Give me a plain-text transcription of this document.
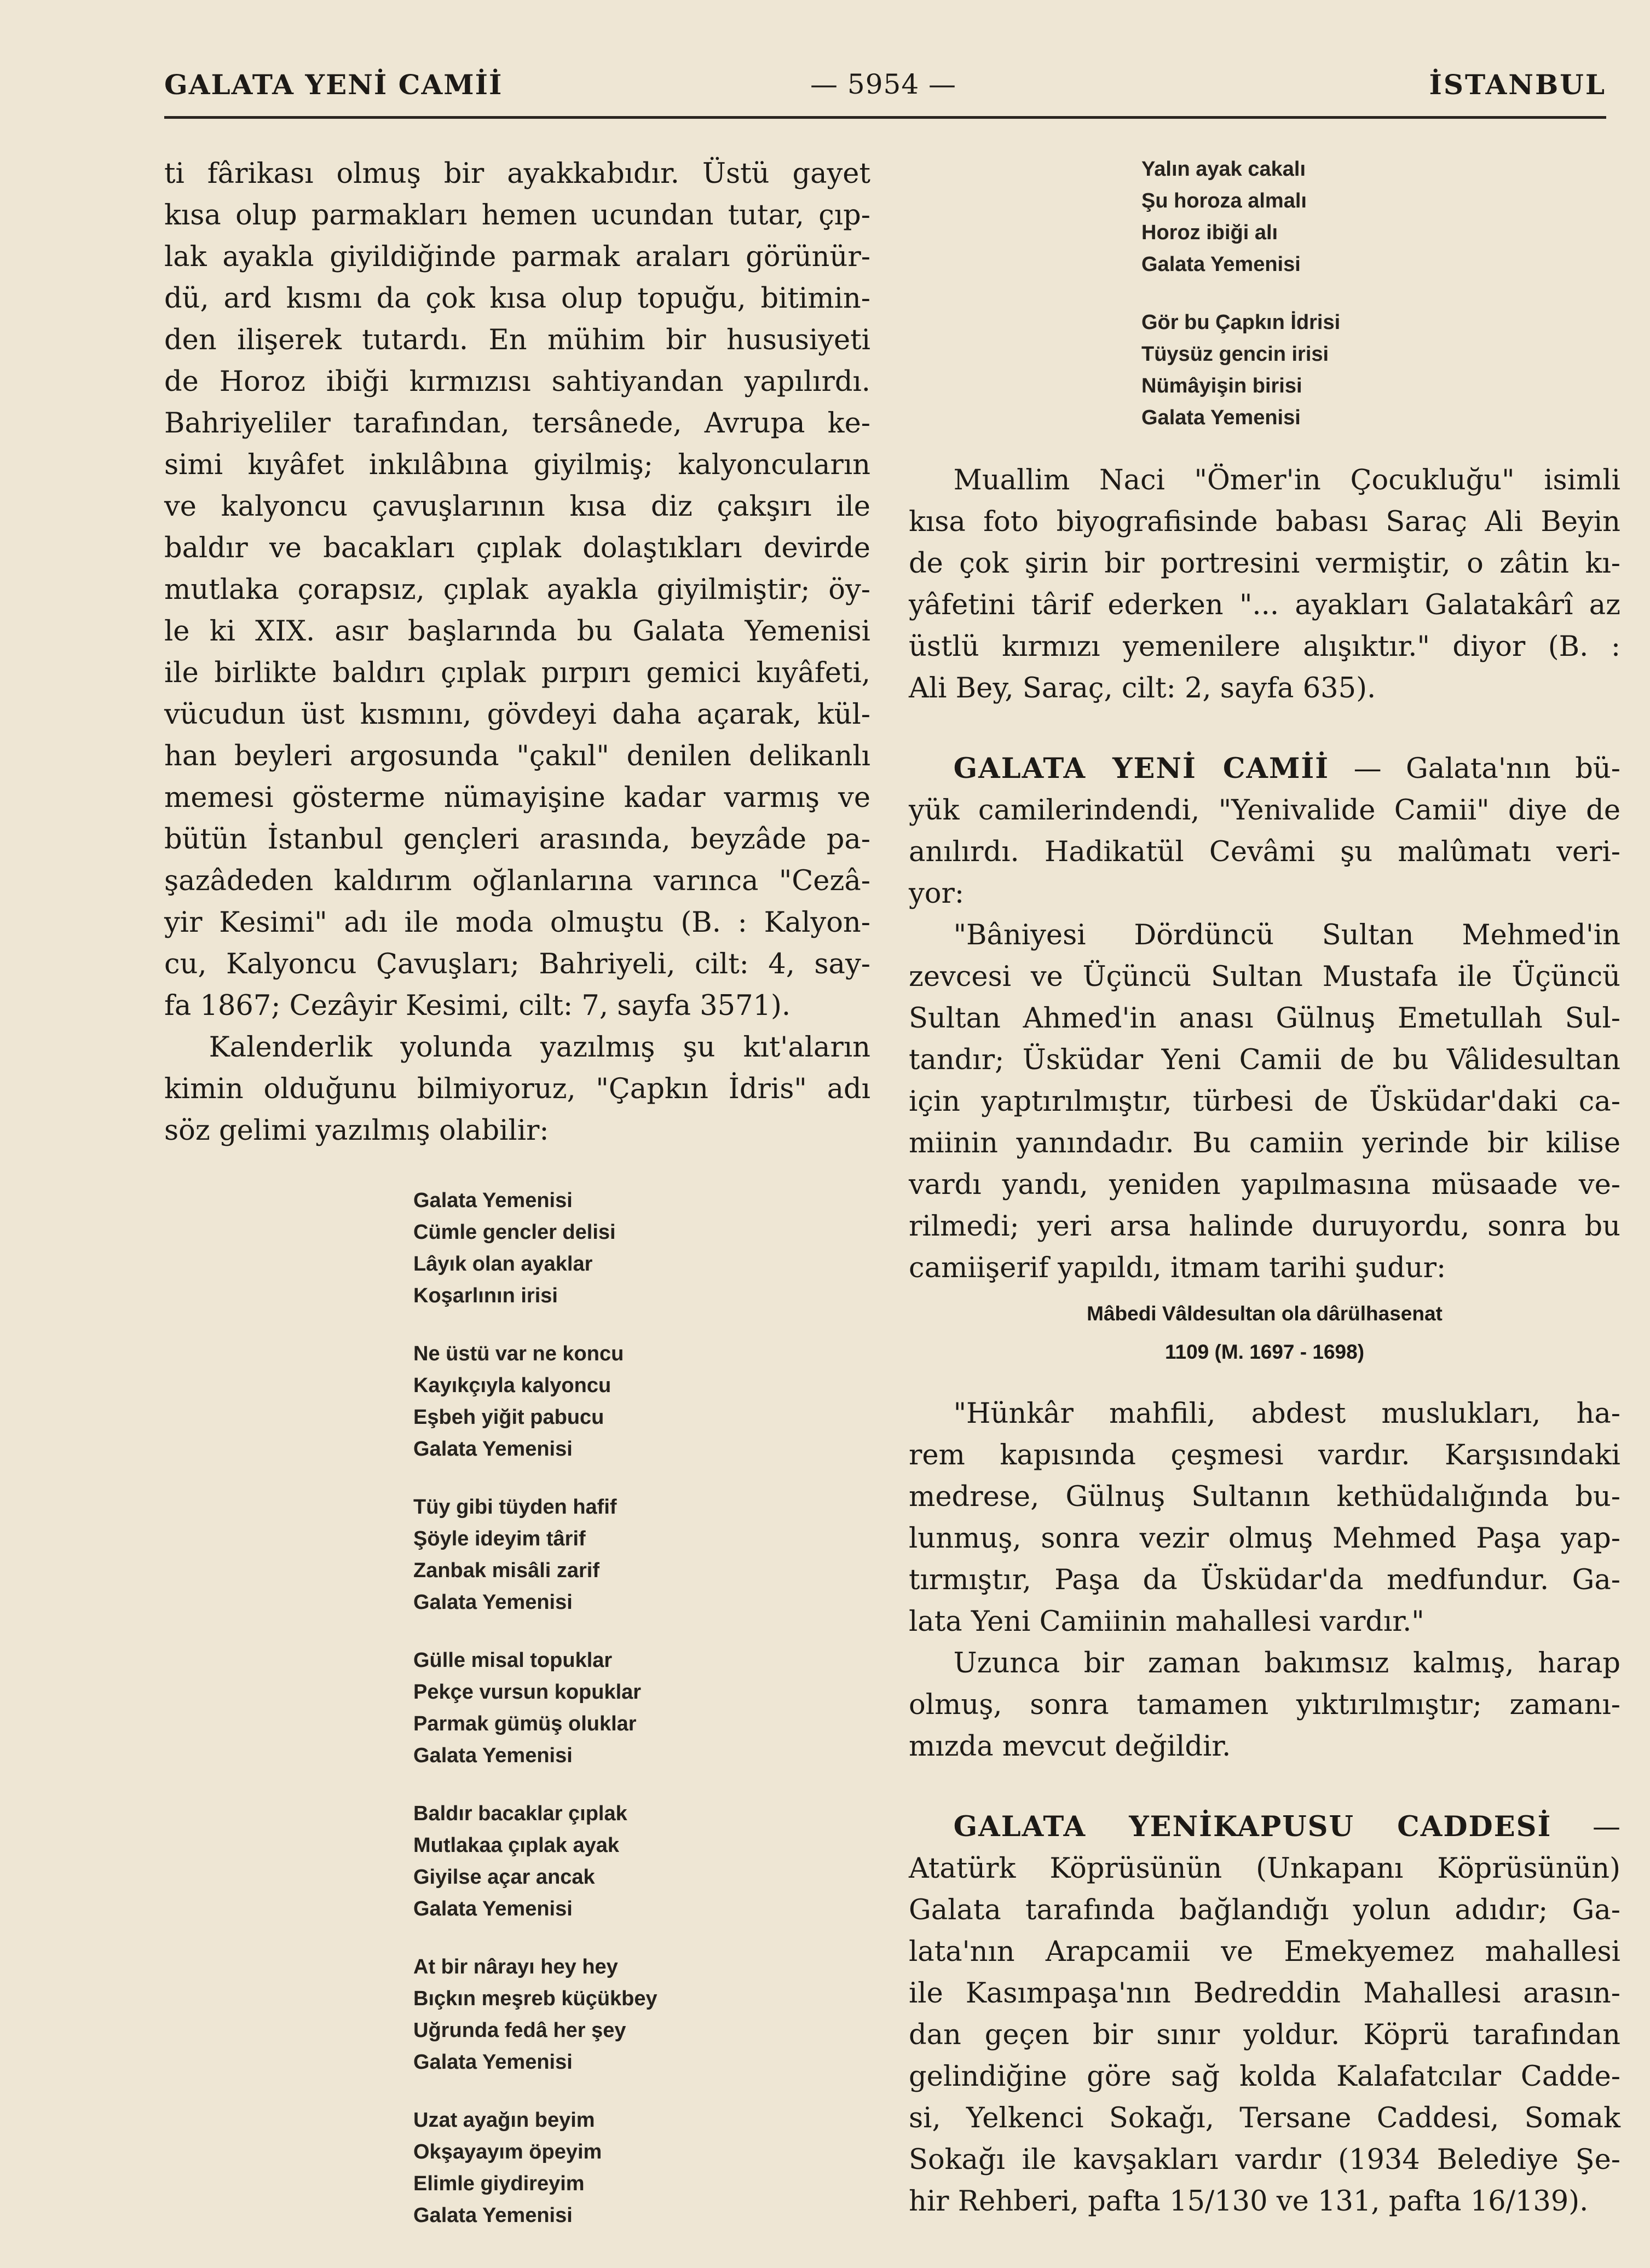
GALATA YENİ CAMİİ	— 5954 —	İSTANBUL
ti fârikası olmuş bir ayakkabıdır. Üstü gayet
kısa olup parmakları hemen ucundan tutar, çıp-
lak ayakla giyildiğinde parmak araları görünür-
dü, ard kısmı da çok kısa olup topuğu, bitimin-
den ilişerek tutardı. En mühim bir hususiyeti
de Horoz ibiği kırmızısı sahtiyandan yapılırdı.
Bahriyeliler tarafından, tersânede, Avrupa ke-
simi kıyâfet inkılâbına giyilmiş; kalyoncuların
ve kalyoncu çavuşlarının kısa diz çakşırı ile
baldır ve bacakları çıplak dolaştıkları devirde
mutlaka çorapsız, çıplak ayakla giyilmiştir; öy-
le ki XIX. asır başlarında bu Galata Yemenisi
ile birlikte baldırı çıplak pırpırı gemici kıyâfeti,
vücudun üst kısmını, gövdeyi daha açarak, kül-
han beyleri argosunda "çakıl" denilen delikanlı
memesi gösterme nümayişine kadar varmış ve
bütün İstanbul gençleri arasında, beyzâde pa-
şazâdeden kaldırım oğlanlarına varınca "Cezâ-
yir Kesimi" adı ile moda olmuştu (B. : Kalyon-
cu, Kalyoncu Çavuşları; Bahriyeli, cilt: 4, say-
fa 1867; Cezâyir Kesimi, cilt: 7, sayfa 3571).
Kalenderlik yolunda yazılmış şu kıt'aların
kimin olduğunu bilmiyoruz, "Çapkın İdris" adı
söz gelimi yazılmış olabilir:
Galata Yemenisi
Cümle gencler delisi
Lâyık olan ayaklar
Koşarlının irisi
Ne üstü var ne koncu
Kayıkçıyla kalyoncu
Eşbeh yiğit pabucu
Galata Yemenisi
Tüy gibi tüyden hafif
Şöyle ideyim târif
Zanbak misâli zarif
Galata Yemenisi
Gülle misal topuklar
Pekçe vursun kopuklar
Parmak gümüş oluklar
Galata Yemenisi
Baldır bacaklar çıplak
Mutlakaa çıplak ayak
Giyilse açar ancak
Galata Yemenisi
At bir nârayı hey hey
Bıçkın meşreb küçükbey
Uğrunda fedâ her şey
Galata Yemenisi
Uzat ayağın beyim
Okşayayım öpeyim
Elimle giydireyim
Galata Yemenisi
Yalın ayak cakalı
Şu horoza almalı
Horoz ibiği alı
Galata Yemenisi
Gör bu Çapkın İdrisi
Tüysüz gencin irisi
Nümâyişin birisi
Galata Yemenisi
Muallim Naci "Ömer'in Çocukluğu" isimli
kısa foto biyografisinde babası Saraç Ali Beyin
de çok şirin bir portresini vermiştir, o zâtin kı-
yâfetini târif ederken "... ayakları Galatakârî az
üstlü kırmızı yemenilere alışıktır." diyor (B. :
Ali Bey, Saraç, cilt: 2, sayfa 635).
GALATA YENİ CAMİİ — Galata'nın bü-
yük camilerindendi, "Yenivalide Camii" diye de
anılırdı. Hadikatül Cevâmi şu malûmatı veri-
yor:
"Bâniyesi Dördüncü Sultan Mehmed'in
zevcesi ve Üçüncü Sultan Mustafa ile Üçüncü
Sultan Ahmed'in anası Gülnuş Emetullah Sul-
tandır; Üsküdar Yeni Camii de bu Vâlidesultan
için yaptırılmıştır, türbesi de Üsküdar'daki ca-
miinin yanındadır. Bu camiin yerinde bir kilise
vardı yandı, yeniden yapılmasına müsaade ve-
rilmedi; yeri arsa halinde duruyordu, sonra bu
camiişerif yapıldı, itmam tarihi şudur:
Mâbedi Vâldesultan ola dârülhasenat
1109 (M. 1697 - 1698)
"Hünkâr mahfili, abdest muslukları, ha-
rem kapısında çeşmesi vardır. Karşısındaki
medrese, Gülnuş Sultanın kethüdalığında bu-
lunmuş, sonra vezir olmuş Mehmed Paşa yap-
tırmıştır, Paşa da Üsküdar'da medfundur. Ga-
lata Yeni Camiinin mahallesi vardır."
Uzunca bir zaman bakımsız kalmış, harap
olmuş, sonra tamamen yıktırılmıştır; zamanı-
mızda mevcut değildir.
GALATA YENİKAPUSU CADDESİ —
Atatürk Köprüsünün (Unkapanı Köprüsünün)
Galata tarafında bağlandığı yolun adıdır; Ga-
lata'nın Arapcamii ve Emekyemez mahallesi
ile Kasımpaşa'nın Bedreddin Mahallesi arasın-
dan geçen bir sınır yoldur. Köprü tarafından
gelindiğine göre sağ kolda Kalafatcılar Cadde-
si, Yelkenci Sokağı, Tersane Caddesi, Somak
Sokağı ile kavşakları vardır (1934 Belediye Şe-
hir Rehberi, pafta 15/130 ve 131, pafta 16/139).
